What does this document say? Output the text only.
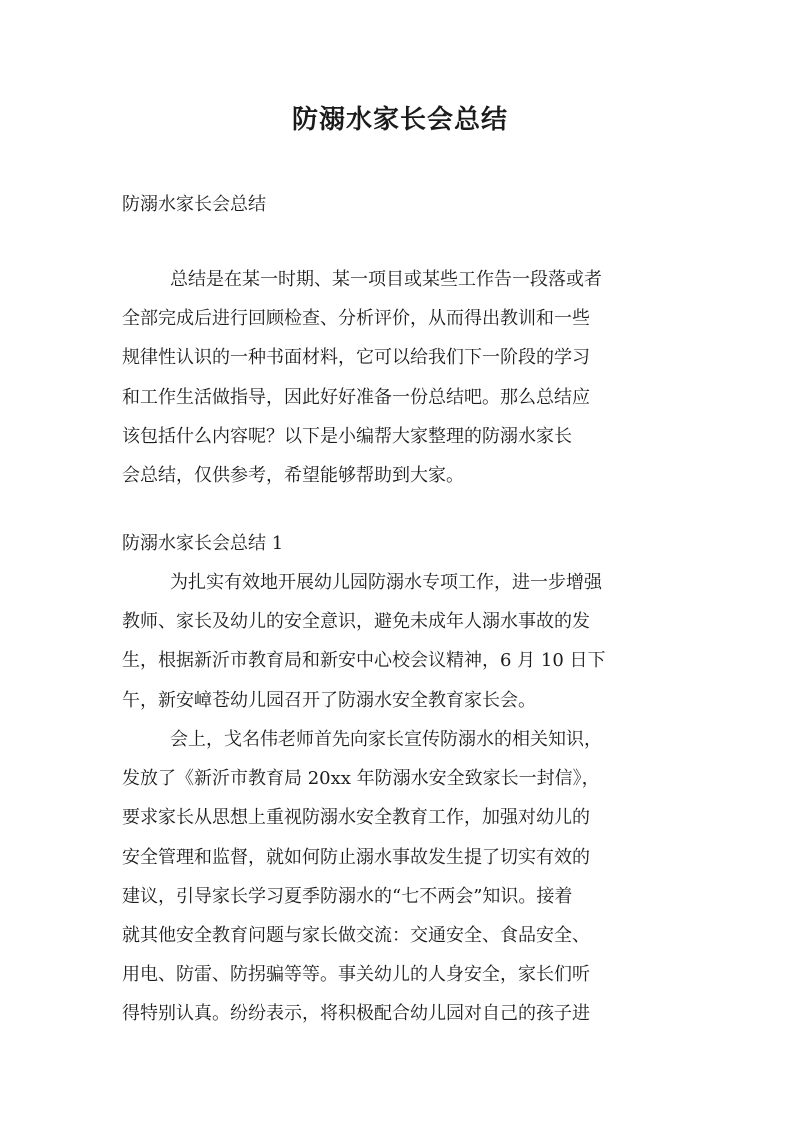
防溺水家长会总结

防溺水家长会总结

总结是在某一时期、某一项目或某些工作告一段落或者
全部完成后进行回顾检查、分析评价，从而得出教训和一些
规律性认识的一种书面材料，它可以给我们下一阶段的学习
和工作生活做指导，因此好好准备一份总结吧。那么总结应
该包括什么内容呢？以下是小编帮大家整理的防溺水家长
会总结，仅供参考，希望能够帮助到大家。

防溺水家长会总结 1

为扎实有效地开展幼儿园防溺水专项工作，进一步增强
教师、家长及幼儿的安全意识，避免未成年人溺水事故的发
生，根据新沂市教育局和新安中心校会议精神，6 月 10 日下
午，新安嶂苍幼儿园召开了防溺水安全教育家长会。
会上，戈名伟老师首先向家长宣传防溺水的相关知识，
发放了《新沂市教育局 20xx 年防溺水安全致家长一封信》，
要求家长从思想上重视防溺水安全教育工作，加强对幼儿的
安全管理和监督，就如何防止溺水事故发生提了切实有效的
建议，引导家长学习夏季防溺水的“七不两会”知识。接着
就其他安全教育问题与家长做交流：交通安全、食品安全、
用电、防雷、防拐骗等等。事关幼儿的人身安全，家长们听
得特别认真。纷纷表示，将积极配合幼儿园对自己的孩子进
